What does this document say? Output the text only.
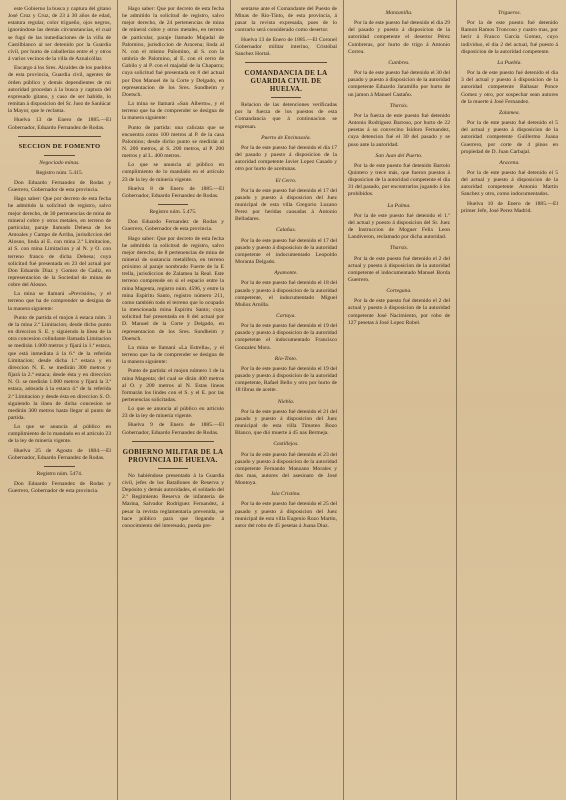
este Gobierno la busca y captura del gitano José Cruz y Cruz, de 23 á 30 años de edad, estatura regular, color trigueño, ojos negros, ignorándose las demás circunstancias, el cual se fugó de las inmediaciones de la villa de Castilblanco al ser detenido por la Guardia civil, por hurto de caballerías entre el y otros á varios vecinos de la villa de Aznalcóllar.

Encargo á los Sres. Alcaldes de los pueblos de esta provincia, Guardia civil, agentes de órden público y demás dependientes de mi autoridad procedan á la busca y captura del expresado gitano, y caso de ser habido, lo remitan á disposicion del Sr. Juez de Sanlúcar la Mayor, que le reclama.

Huelva 13 de Enero de 1885.—El Gobernador, Eduardo Fernandez de Rodas.

SECCION DE FOMENTO
Negociado minas.
Registro núm. 5.415.

Don Eduardo Fernandez de Rodas y Guerrero, Gobernador de esta provincia.

Hago saber: Que por decreto de esta fecha he admitido la solicitud de registro, salvo mejor derecho, de 30 pertenencias de mina de mineral cobre y otros metales, en terreno de particular, paraje llamado Dehesa de los Amoales y Campo de Arriba, jurisdiccion del Alosno, linda al E. con mina 2.ª Limitacion, al S. con mina Limitacion y al N. y O. con terreno franco de dicha Dehesa; cuya solicitud fué presentada en 23 del actual por Don Eduardo Diaz y Gomez de Cadiz, en representacion de la Sociedad de minas de cobre del Alosno.

La mina se llamará «Previsión», y el terreno que ha de comprender se designa de la manera siguiente:

Punto de partida el mojon á estaca núm. 3 de la mina 2.ª Limitacion; desde dicho punto en direccion S. E. y siguiendo la línea de la otra concesion colindante llamada Limitacion se medirán 1.000 metros y fijará la 1.ª estaca, que está inmediata á la 6.ª de la referida Limitacion; desde dicha 1.ª estaca y en direccion N. E. se medirán 300 metros y fijará la 2.ª estaca; desde ésta y en direccion N. O. se medirán 1.000 metros y fijará la 3.ª estaca, adosada á la estaca 4.ª de la referida 2.ª Limitacion y desde ésta en direccion S. O. siguiendo la línea de dicha concesion se medirán 300 metros hasta llegar al punto de partida.

Lo que se anuncia al público en cumplimiento de lo mandado en el artículo 23 de la ley de minería vigente.

Huelva 25 de Agosto de 1884.—El Gobernador, Eduardo Fernandez de Rodas.

Registro núm. 5474.

Don Eduardo Fernandez de Rodas y Guerrero, Gobernador de esta provincia.

Hago saber: Que por decreto de esta fecha he admitido la solicitud de registro, salvo mejor derecho, de 24 pertenencias de mina de mineral cobre y otros metales, en terreno de particular, paraje llamado Majadal de Palomino, jurisdiccion de Aracena; linda al N. con el mismo Palomino, al S. con la umbría de Palomino, al E. con el cerro de Gabilo y al P. con el majadal de la Chaparra; cuya solicitud fué presentada en 8 del actual por Don Manuel de la Corte y Delgado, en representacion de los Sres. Sundheim y Doetsch.

La mina se llamará «San Alberto», y el terreno que ha de comprender se designa de la manera siguiente:

Punto de partida: una calicata que se encuentra como 100 metros al P. de la casa Palomino; desde dicho punto se medirán al N. 200 metros, al S. 200 metros, al P. 200 metros y al L. 400 metros.

Lo que se anuncia al público en cumplimiento de lo mandado en el artículo 23 de la ley de minería vigente.

Huelva 8 de Enero de 1885.—El Gobernador, Eduardo Fernandez de Rodas.

Registro núm. 5.475.

Don Eduardo Fernandez de Rodas y Guerrero, Gobernador de esta provincia.

Hago saber: Que por decreto de esta fecha he admitido la solicitud de registro, salvo mejor derecho, de 8 pertenencias de mina de mineral de sustancia metalífera, en terreno próximo al paraje nombrado Fuerte de la E trella, jurisdiccion de Zalamea la Real. Este terreno comprende en si el espacio entre la mina Magenta, registro núm. 4596, y entre la mina Espíritu Santo, registro número 211, como también todo el terreno que lo ocupado la mencionada mina Espíritu Santo; cuya solicitud fué presentada en 8 del actual por D. Manuel de la Corte y Delgado, en representacion de los Sres. Sundheim y Doetsch.

La mina se llamará «La Estrella», y el terreno que ha de comprender se designa de la manera siguiente:

Punto de partida: el mojon número 1 de la mina Magenta; del cual se dirán 400 metros al O. y 200 metros al N. Estas líneas formarán los lindes con el S. y el E. por las pertenencias solicitadas.

Lo que se anuncia al público en artículo 23 de la ley de minería vigente.

Huelva 9 de Enero de 1885.—El Gobernador, Eduardo Fernandez de Rodas.

GOBIERNO MILITAR DE LA PROVINCIA DE HUELVA.

No habiéndose presentado á la Guardia civil, jefes de los Batallones de Reserva y Depósito y demás autoridades, el soldado del 2.º Regimiento Reserva de infantería de Marina, Salvador Rodriguez Fernandez, á pesar la revista reglamentaria prevenida, se hace público para que llegando á conocimiento del interesado, pueda pre-

sentarse ante el Comandante del Puesto de Minas de Rio-Tinto, de esta provincia, á pasar la revista expresada, pues de lo contrario será considerado como desertor.

Huelva 13 de Enero de 1885.—El Coronel Gobernador militar interino, Cristóbal Sanchez Hortal.

COMANDANCIA DE LA GUARDIA CIVIL DE HUELVA.

Relacion de las detenciones verificadas por la fuerza de los puestos de esta Comandancia que á continuacion se expresan.

Puerto de Encinasola.

Por la de este puesto fué detenido el día 17 del pasado y puesto á disposicion de la autoridad competente Javier Lopez Casado y otro por hurto de aceitunas.

El Cerro.

Por la de este puesto fué detenido el 17 del pasado y puesto á disposicion del Juez municipal de esta villa Gregorio Lozano Perez por heridas causadas á Antonio Belladares.

Calañas.

Por la de este puesto fué detenido el 17 del pasado y puesto á disposicion de la autoridad competente el indocumentado Leopoldo Moranta Delgado.

Ayamonte.

Por la de este puesto fué detenido el 18 del pasado y puesto á disposicion de la autoridad competente, el indocumentado Miguel Muñoz Arnilla.

Cartaya.

Por la de este puesto fué detenido el 19 del pasado y puesto á disposicion de la autoridad competente el indocumentado Francisco Gonzalez Mora.

Rio-Tinto.

Por la de este puesto fué detenido el 19 del pasado y puesto á disposicion de la autoridad competente, Rafael Bello y otro por hurto de 18 libras de aceite.

Niebla.

Por la de este puesto fué detenido el 21 del pasado y puesto á disposicion del Juez municipal de esta villa Timoteo Bozo Blanco, que dió muerte á 45 nas Bermeja.

Castillejos.

Por la de este puesto fué detenido el 23 del pasado y puesto á disposicion de la autoridad competente Fernando Manzano Morales y dos mas, autores del asesinato de José Montoya.

Isla Cristina.

Por la de este puesto fué detenido el 25 del pasado y puesto á disposicion del Juez municipal de esta villa Eugenio Rozo Martin, autor del robo de 45 pesetas á Juana Diaz.

Manzanilla.

Por la de este puesto fué detenido el dia 29 del pasado y puesto á disposicion de la autoridad competente el desertor Pérez Cumbreras, por hurto de trigo á Antonio Correa.

Cumbres.

Por la de este puesto fué detenido el 30 del pasado y puesto á disposicion de la autoridad competente Eduardo Jaramillo por hurto de un jamon á Manuel Castaño.

Tharsis.

Por la fuerza de este puesto fué detenido Antonio Rodriguez Barroso, por hurto de 22 pesetas á su convecino Isidoro Fernandez, cuya detencion fué el 30 del pasado y se puso ante la autoridad.

San Juan del Puerto.

Por la de este puesto fué detenido Bartolo Quintero y trece más, que fueron puestos á disposicion de la autoridad competente el día 31 del pasado, por encontrarlos jugando á los prohibidos.

La Palma.

Por la de este puesto fué detenido el 1.º del actual y puesto á disposicion del Sr. Juez de Instruccion de Moguer Felix Leon Landiveron, reclamado por dicha autoridad.

Tharsis.

Por la de este puesto fué detenido el 2 del actual y puesto á disposicion de la autoridad competente el indocumentado Manuel Borda Guerrero.

Cortegana.

Por la de este puesto fué detenido el 2 del actual y puesto á disposicion de la autoridad competente José Nacimiento, por robo de 127 pesetas á José Lopez Robel.

Trigueros.

Por la de este puesto fué detenido Ramon Ramos Troncoso y cuatro mas, por herir á Franco García Gomez, cuyo individuo, el dia 2 del actual, fué puesto á disposicion de la autoridad competente.

La Puebla.

Por la de este puesto fué detenido el dia 3 del actual y puesto á disposicion de la autoridad competente Baltasar Ponce Gomez y otro, por sospechar sean autores de la muerte á José Fernandez.

Zalamea.

Por la de este puesto fué detenido el 5 del actual y puesto á disposicion de la autoridad competente Guillermo Juana Guerrero, por corte de 4 pinos en propiedad de D. Juan Carbajal.

Aracena.

Por la de este puesto fué detenido el 5 del actual y puesto á disposicion de la autoridad competente Antonio Martin Sanchez y otro, como indocumentados.

Huelva 10 de Enero de 1885.—El primer Jefe, José Perez Madrid.
